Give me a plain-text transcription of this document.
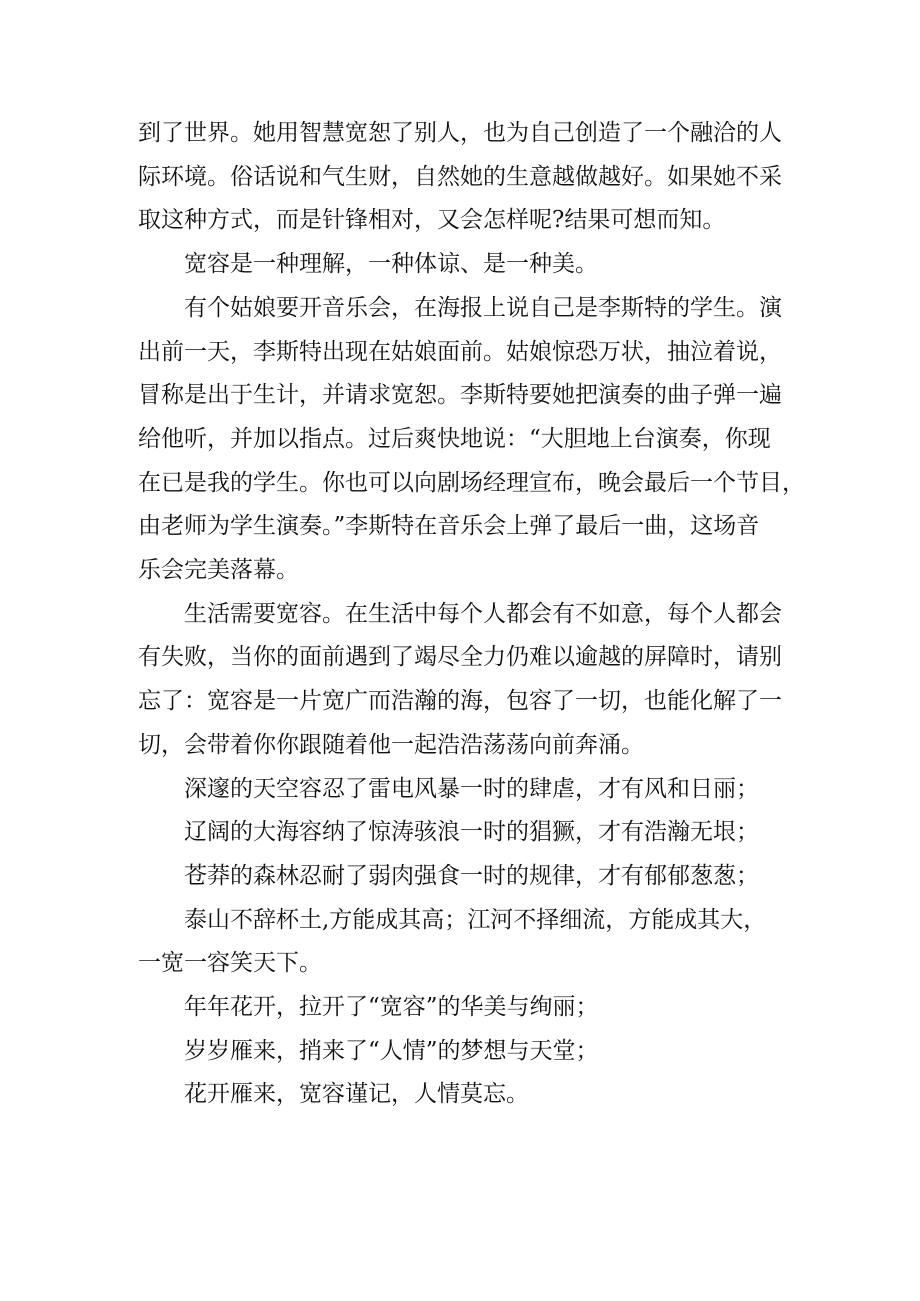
到了世界。她用智慧宽恕了别人，也为自己创造了一个融洽的人
际环境。俗话说和气生财，自然她的生意越做越好。如果她不采
取这种方式，而是针锋相对，又会怎样呢?结果可想而知。
宽容是一种理解，一种体谅、是一种美。
有个姑娘要开音乐会，在海报上说自己是李斯特的学生。演
出前一天，李斯特出现在姑娘面前。姑娘惊恐万状，抽泣着说，
冒称是出于生计，并请求宽恕。李斯特要她把演奏的曲子弹一遍
给他听，并加以指点。过后爽快地说：“大胆地上台演奏，你现
在已是我的学生。你也可以向剧场经理宣布，晚会最后一个节目，
由老师为学生演奏。”李斯特在音乐会上弹了最后一曲，这场音
乐会完美落幕。
生活需要宽容。在生活中每个人都会有不如意，每个人都会
有失败，当你的面前遇到了竭尽全力仍难以逾越的屏障时，请别
忘了：宽容是一片宽广而浩瀚的海，包容了一切，也能化解了一
切，会带着你你跟随着他一起浩浩荡荡向前奔涌。
深邃的天空容忍了雷电风暴一时的肆虐，才有风和日丽；
辽阔的大海容纳了惊涛骇浪一时的猖獗，才有浩瀚无垠；
苍莽的森林忍耐了弱肉强食一时的规律，才有郁郁葱葱；
泰山不辞杯土,方能成其高；江河不择细流，方能成其大，
一宽一容笑天下。
年年花开，拉开了“宽容”的华美与绚丽；
岁岁雁来，捎来了“人情”的梦想与天堂；
花开雁来，宽容谨记，人情莫忘。
